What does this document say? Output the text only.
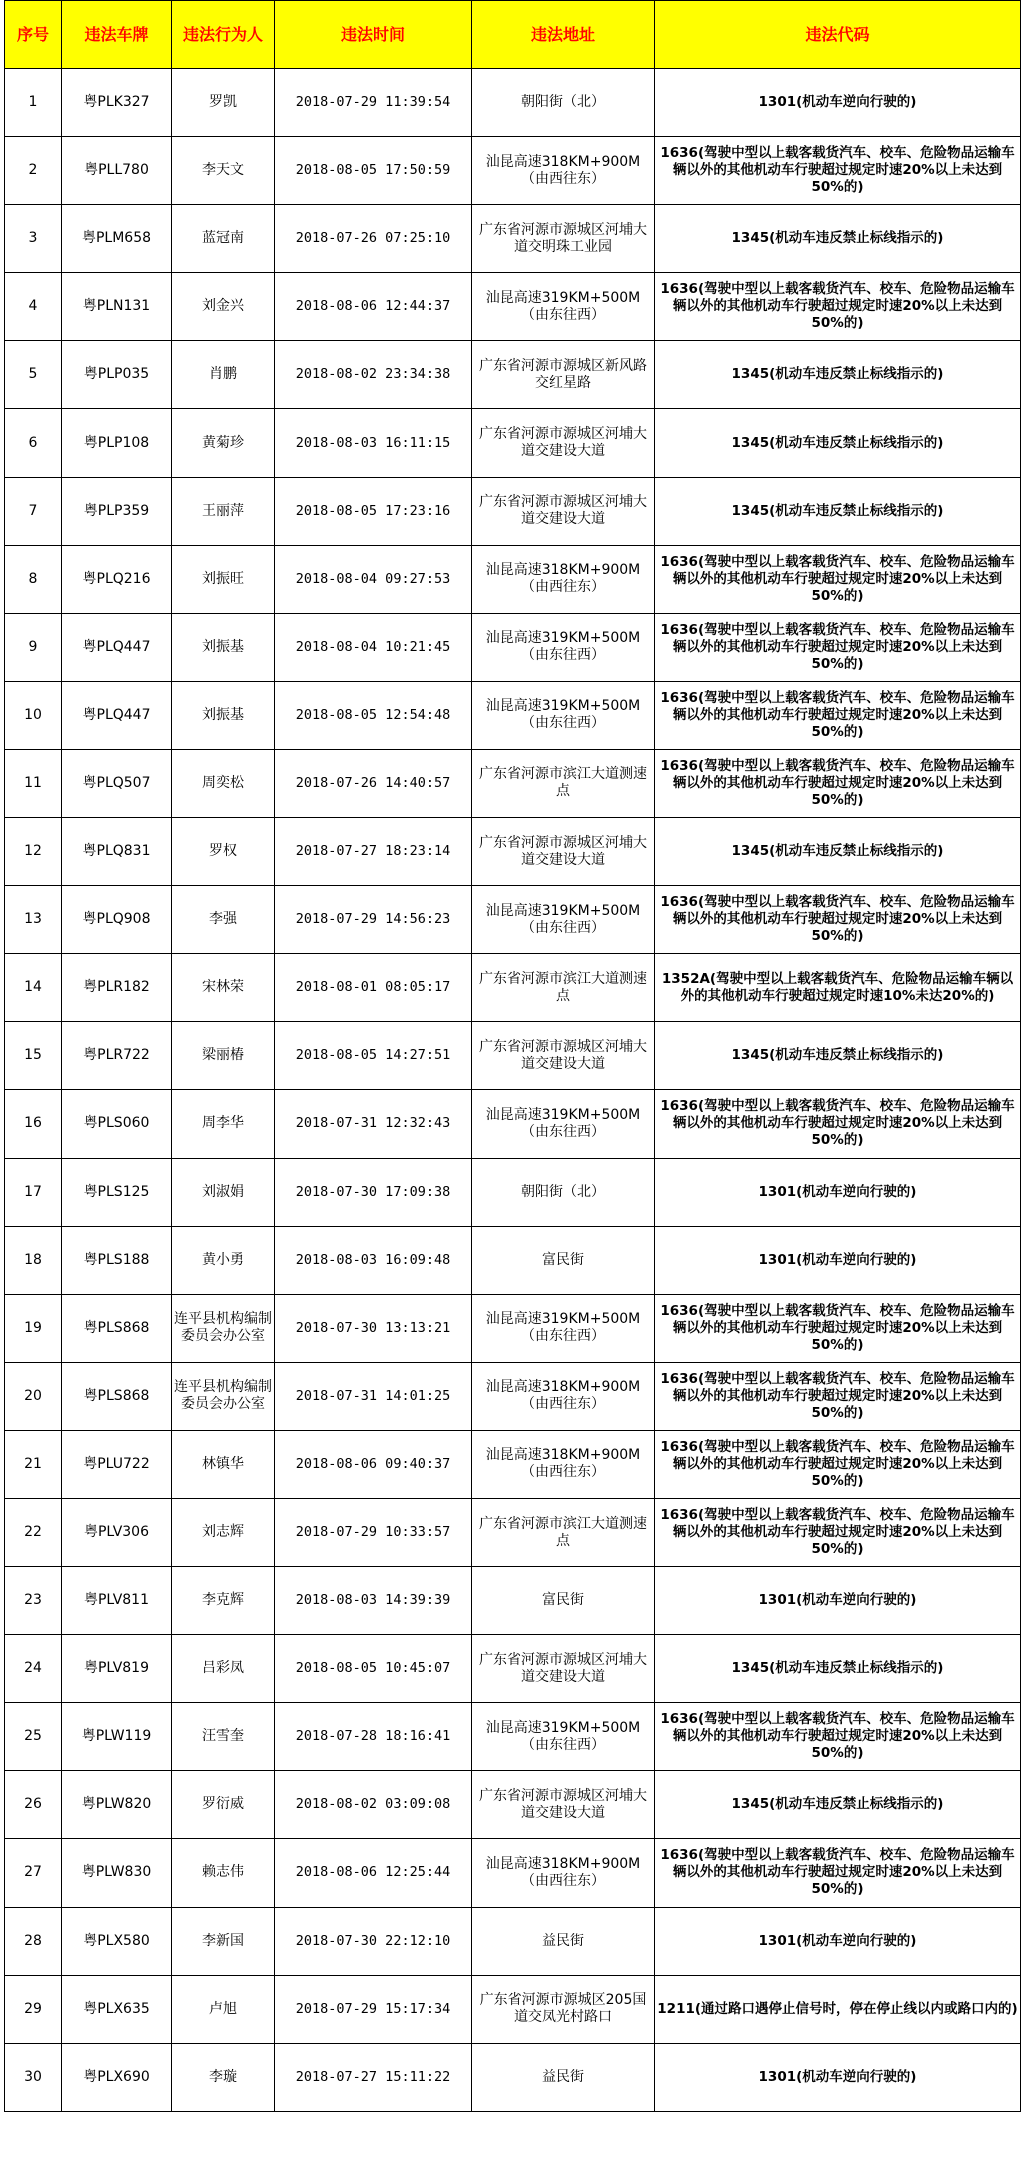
序号	违法车牌	违法行为人	违法时间	违法地址	违法代码
1	粤PLK327	罗凯	2018-07-29 11:39:54	朝阳街（北）	1301(机动车逆向行驶的)
2	粤PLL780	李天文	2018-08-05 17:50:59	汕昆高速318KM+900M（由西往东）	1636(驾驶中型以上载客载货汽车、校车、危险物品运输车辆以外的其他机动车行驶超过规定时速20%以上未达到50%的)
3	粤PLM658	蓝冠南	2018-07-26 07:25:10	广东省河源市源城区河埔大道交明珠工业园	1345(机动车违反禁止标线指示的)
4	粤PLN131	刘金兴	2018-08-06 12:44:37	汕昆高速319KM+500M（由东往西）	1636(驾驶中型以上载客载货汽车、校车、危险物品运输车辆以外的其他机动车行驶超过规定时速20%以上未达到50%的)
5	粤PLP035	肖鹏	2018-08-02 23:34:38	广东省河源市源城区新风路交红星路	1345(机动车违反禁止标线指示的)
6	粤PLP108	黄菊珍	2018-08-03 16:11:15	广东省河源市源城区河埔大道交建设大道	1345(机动车违反禁止标线指示的)
7	粤PLP359	王丽萍	2018-08-05 17:23:16	广东省河源市源城区河埔大道交建设大道	1345(机动车违反禁止标线指示的)
8	粤PLQ216	刘振旺	2018-08-04 09:27:53	汕昆高速318KM+900M（由西往东）	1636(驾驶中型以上载客载货汽车、校车、危险物品运输车辆以外的其他机动车行驶超过规定时速20%以上未达到50%的)
9	粤PLQ447	刘振基	2018-08-04 10:21:45	汕昆高速319KM+500M（由东往西）	1636(驾驶中型以上载客载货汽车、校车、危险物品运输车辆以外的其他机动车行驶超过规定时速20%以上未达到50%的)
10	粤PLQ447	刘振基	2018-08-05 12:54:48	汕昆高速319KM+500M（由东往西）	1636(驾驶中型以上载客载货汽车、校车、危险物品运输车辆以外的其他机动车行驶超过规定时速20%以上未达到50%的)
11	粤PLQ507	周奕松	2018-07-26 14:40:57	广东省河源市滨江大道测速点	1636(驾驶中型以上载客载货汽车、校车、危险物品运输车辆以外的其他机动车行驶超过规定时速20%以上未达到50%的)
12	粤PLQ831	罗权	2018-07-27 18:23:14	广东省河源市源城区河埔大道交建设大道	1345(机动车违反禁止标线指示的)
13	粤PLQ908	李强	2018-07-29 14:56:23	汕昆高速319KM+500M（由东往西）	1636(驾驶中型以上载客载货汽车、校车、危险物品运输车辆以外的其他机动车行驶超过规定时速20%以上未达到50%的)
14	粤PLR182	宋林荣	2018-08-01 08:05:17	广东省河源市滨江大道测速点	1352A(驾驶中型以上载客载货汽车、危险物品运输车辆以外的其他机动车行驶超过规定时速10%未达20%的)
15	粤PLR722	梁丽椿	2018-08-05 14:27:51	广东省河源市源城区河埔大道交建设大道	1345(机动车违反禁止标线指示的)
16	粤PLS060	周李华	2018-07-31 12:32:43	汕昆高速319KM+500M（由东往西）	1636(驾驶中型以上载客载货汽车、校车、危险物品运输车辆以外的其他机动车行驶超过规定时速20%以上未达到50%的)
17	粤PLS125	刘淑娟	2018-07-30 17:09:38	朝阳街（北）	1301(机动车逆向行驶的)
18	粤PLS188	黄小勇	2018-08-03 16:09:48	富民街	1301(机动车逆向行驶的)
19	粤PLS868	连平县机构编制委员会办公室	2018-07-30 13:13:21	汕昆高速319KM+500M（由东往西）	1636(驾驶中型以上载客载货汽车、校车、危险物品运输车辆以外的其他机动车行驶超过规定时速20%以上未达到50%的)
20	粤PLS868	连平县机构编制委员会办公室	2018-07-31 14:01:25	汕昆高速318KM+900M（由西往东）	1636(驾驶中型以上载客载货汽车、校车、危险物品运输车辆以外的其他机动车行驶超过规定时速20%以上未达到50%的)
21	粤PLU722	林镇华	2018-08-06 09:40:37	汕昆高速318KM+900M（由西往东）	1636(驾驶中型以上载客载货汽车、校车、危险物品运输车辆以外的其他机动车行驶超过规定时速20%以上未达到50%的)
22	粤PLV306	刘志辉	2018-07-29 10:33:57	广东省河源市滨江大道测速点	1636(驾驶中型以上载客载货汽车、校车、危险物品运输车辆以外的其他机动车行驶超过规定时速20%以上未达到50%的)
23	粤PLV811	李克辉	2018-08-03 14:39:39	富民街	1301(机动车逆向行驶的)
24	粤PLV819	吕彩凤	2018-08-05 10:45:07	广东省河源市源城区河埔大道交建设大道	1345(机动车违反禁止标线指示的)
25	粤PLW119	汪雪奎	2018-07-28 18:16:41	汕昆高速319KM+500M（由东往西）	1636(驾驶中型以上载客载货汽车、校车、危险物品运输车辆以外的其他机动车行驶超过规定时速20%以上未达到50%的)
26	粤PLW820	罗衍威	2018-08-02 03:09:08	广东省河源市源城区河埔大道交建设大道	1345(机动车违反禁止标线指示的)
27	粤PLW830	赖志伟	2018-08-06 12:25:44	汕昆高速318KM+900M（由西往东）	1636(驾驶中型以上载客载货汽车、校车、危险物品运输车辆以外的其他机动车行驶超过规定时速20%以上未达到50%的)
28	粤PLX580	李新国	2018-07-30 22:12:10	益民街	1301(机动车逆向行驶的)
29	粤PLX635	卢旭	2018-07-29 15:17:34	广东省河源市源城区205国道交凤光村路口	1211(通过路口遇停止信号时，停在停止线以内或路口内的)
30	粤PLX690	李璇	2018-07-27 15:11:22	益民街	1301(机动车逆向行驶的)
